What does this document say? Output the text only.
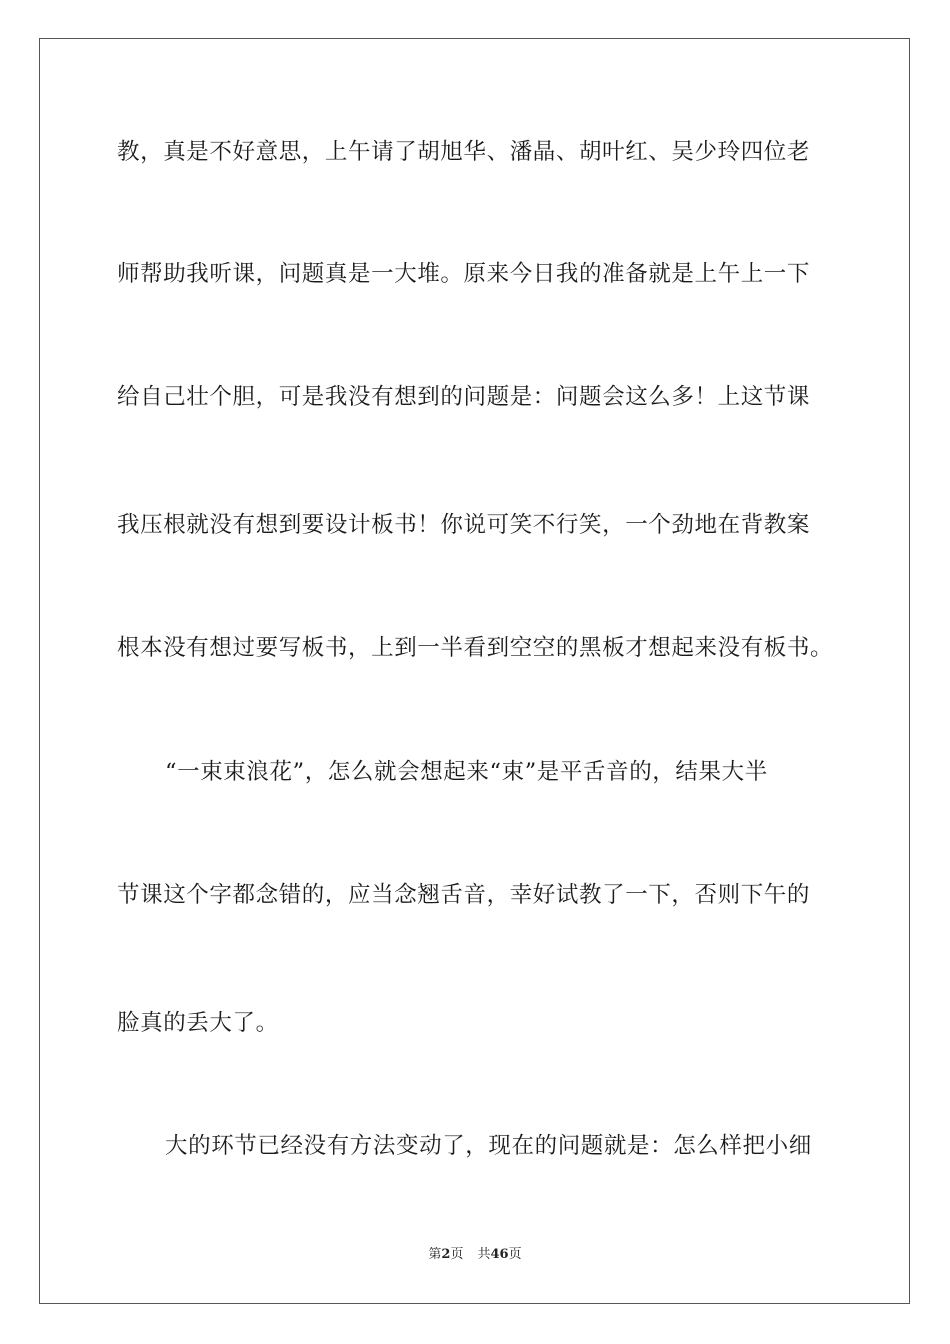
教，真是不好意思，上午请了胡旭华、潘晶、胡叶红、吴少玲四位老
师帮助我听课，问题真是一大堆。原来今日我的准备就是上午上一下
给自己壮个胆，可是我没有想到的问题是：问题会这么多！上这节课
我压根就没有想到要设计板书！你说可笑不行笑，一个劲地在背教案
根本没有想过要写板书，上到一半看到空空的黑板才想起来没有板书。
“一束束浪花”，怎么就会想起来“束”是平舌音的，结果大半
节课这个字都念错的，应当念翘舌音，幸好试教了一下，否则下午的
脸真的丢大了。
大的环节已经没有方法变动了，现在的问题就是：怎么样把小细
第2页 共46页
